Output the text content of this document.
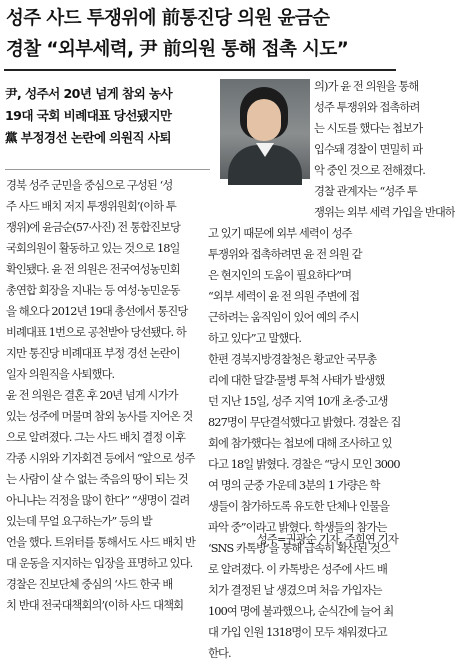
성주 사드 투쟁위에 前통진당 의원 윤금순
경찰 “외부세력, 尹 前의원 통해 접촉 시도”
尹, 성주서 20년 넘게 참외 농사
19대 국회 비례대표 당선됐지만
黨 부정경선 논란에 의원직 사퇴
경북 성주 군민을 중심으로 구성된 ‘성
주 사드 배치 저지 투쟁위원회’(이하 투
쟁위)에 윤금순(57·사진) 전 통합진보당
국회의원이 활동하고 있는 것으로 18일
확인됐다. 윤 전 의원은 전국여성농민회
총연합 회장을 지내는 등 여성·농민운동
을 해오다 2012년 19대 총선에서 통진당
비례대표 1번으로 공천받아 당선됐다. 하
지만 통진당 비례대표 부정 경선 논란이
일자 의원직을 사퇴했다.
윤 전 의원은 결혼 후 20년 넘게 시가가
있는 성주에 머물며 참외 농사를 지어온 것
으로 알려졌다. 그는 사드 배치 결정 이후
각종 시위와 기자회견 등에서 “앞으로 성주
는 사람이 살 수 없는 죽음의 땅이 되는 것
아니냐는 걱정을 많이 한다” “생명이 걸려
있는데 무얼 요구하는가” 등의 발
언을 했다. 트위터를 통해서도 사드 배치 반
대 운동을 지지하는 입장을 표명하고 있다.
경찰은 진보단체 중심의 ‘사드 한국 배
치 반대 전국대책회의’(이하 사드 대책회
의)가 윤 전 의원을 통해
성주 투쟁위와 접촉하려
는 시도를 했다는 첩보가
입수돼 경찰이 면밀히 파
악 중인 것으로 전해졌다.
경찰 관계자는 “성주 투
쟁위는 외부 세력 가입을 반대하
고 있기 때문에 외부 세력이 성주
투쟁위와 접촉하려면 윤 전 의원 같
은 현지인의 도움이 필요하다”며
“외부 세력이 윤 전 의원 주변에 접
근하려는 움직임이 있어 예의 주시
하고 있다”고 말했다.
한편 경북지방경찰청은 황교안 국무총
리에 대한 달걀·물병 투척 사태가 발생했
던 지난 15일, 성주 지역 10개 초·중·고생
827명이 무단결석했다고 밝혔다. 경찰은 집
회에 참가했다는 첩보에 대해 조사하고 있
다고 18일 밝혔다. 경찰은 “당시 모인 3000
여 명의 군중 가운데 3분의 1 가량은 학
생들이 참가하도록 유도한 단체나 인물을
파악 중”이라고 밝혔다. 학생들의 참가는
‘SNS 카톡방’을 통해 급속히 확산된 것으
로 알려졌다. 이 카톡방은 성주에 사드 배
치가 결정된 날 생겼으며 처음 가입자는
100여 명에 불과했으나, 순식간에 늘어 최
대 가입 인원 1318명이 모두 채워졌다고
한다.
성주=권광순 기자, 주희연 기자
